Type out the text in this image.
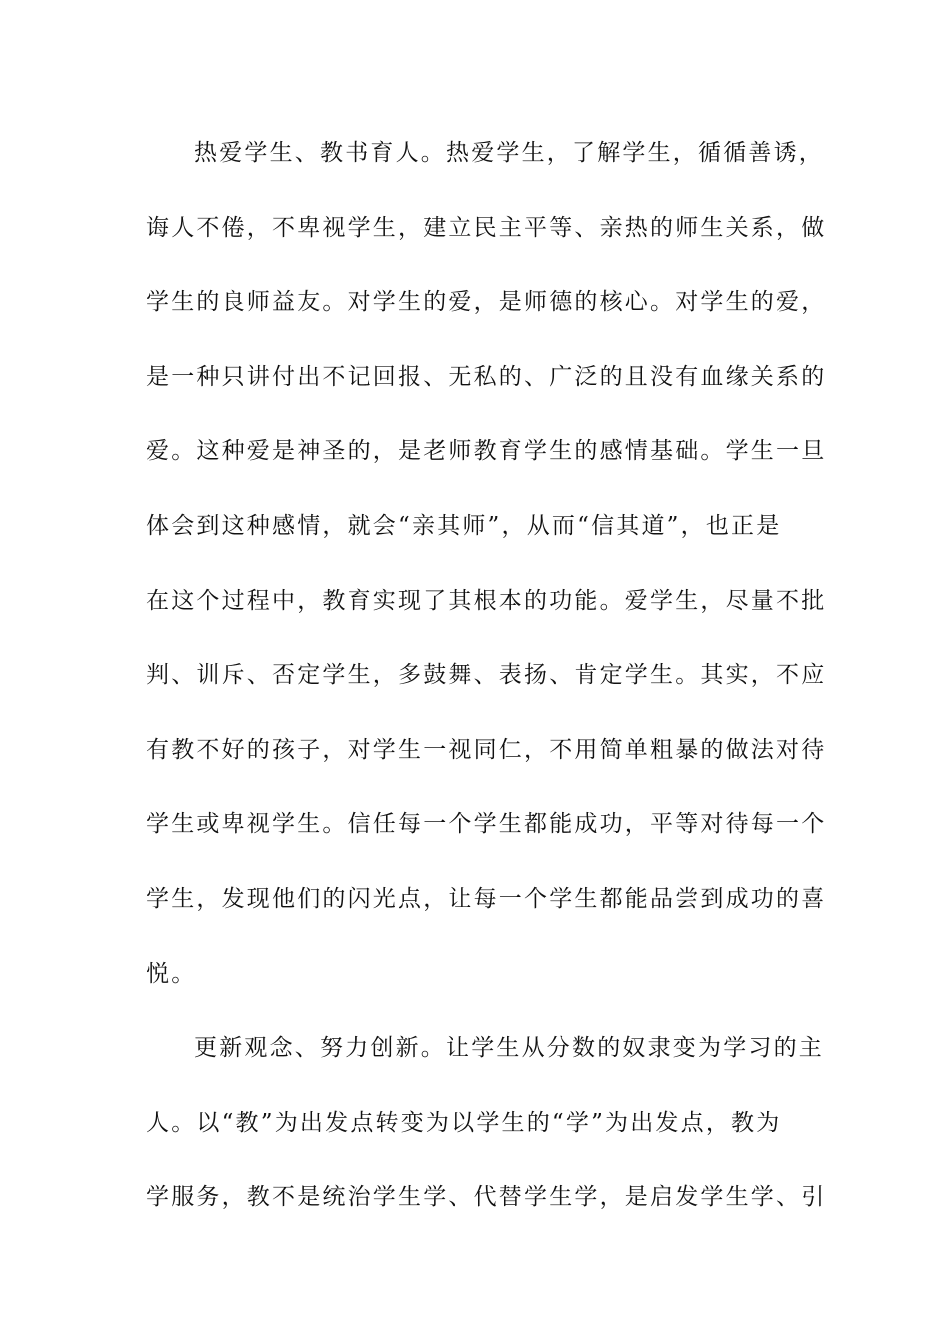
热爱学生、教书育人。热爱学生，了解学生，循循善诱，
诲人不倦，不卑视学生，建立民主平等、亲热的师生关系，做
学生的良师益友。对学生的爱，是师德的核心。对学生的爱，
是一种只讲付出不记回报、无私的、广泛的且没有血缘关系的
爱。这种爱是神圣的，是老师教育学生的感情基础。学生一旦
体会到这种感情，就会“亲其师”，从而“信其道”，也正是
在这个过程中，教育实现了其根本的功能。爱学生，尽量不批
判、训斥、否定学生，多鼓舞、表扬、肯定学生。其实，不应
有教不好的孩子，对学生一视同仁，不用简单粗暴的做法对待
学生或卑视学生。信任每一个学生都能成功，平等对待每一个
学生，发现他们的闪光点，让每一个学生都能品尝到成功的喜
悦。
更新观念、努力创新。让学生从分数的奴隶变为学习的主
人。以“教”为出发点转变为以学生的“学”为出发点，教为
学服务，教不是统治学生学、代替学生学，是启发学生学、引
